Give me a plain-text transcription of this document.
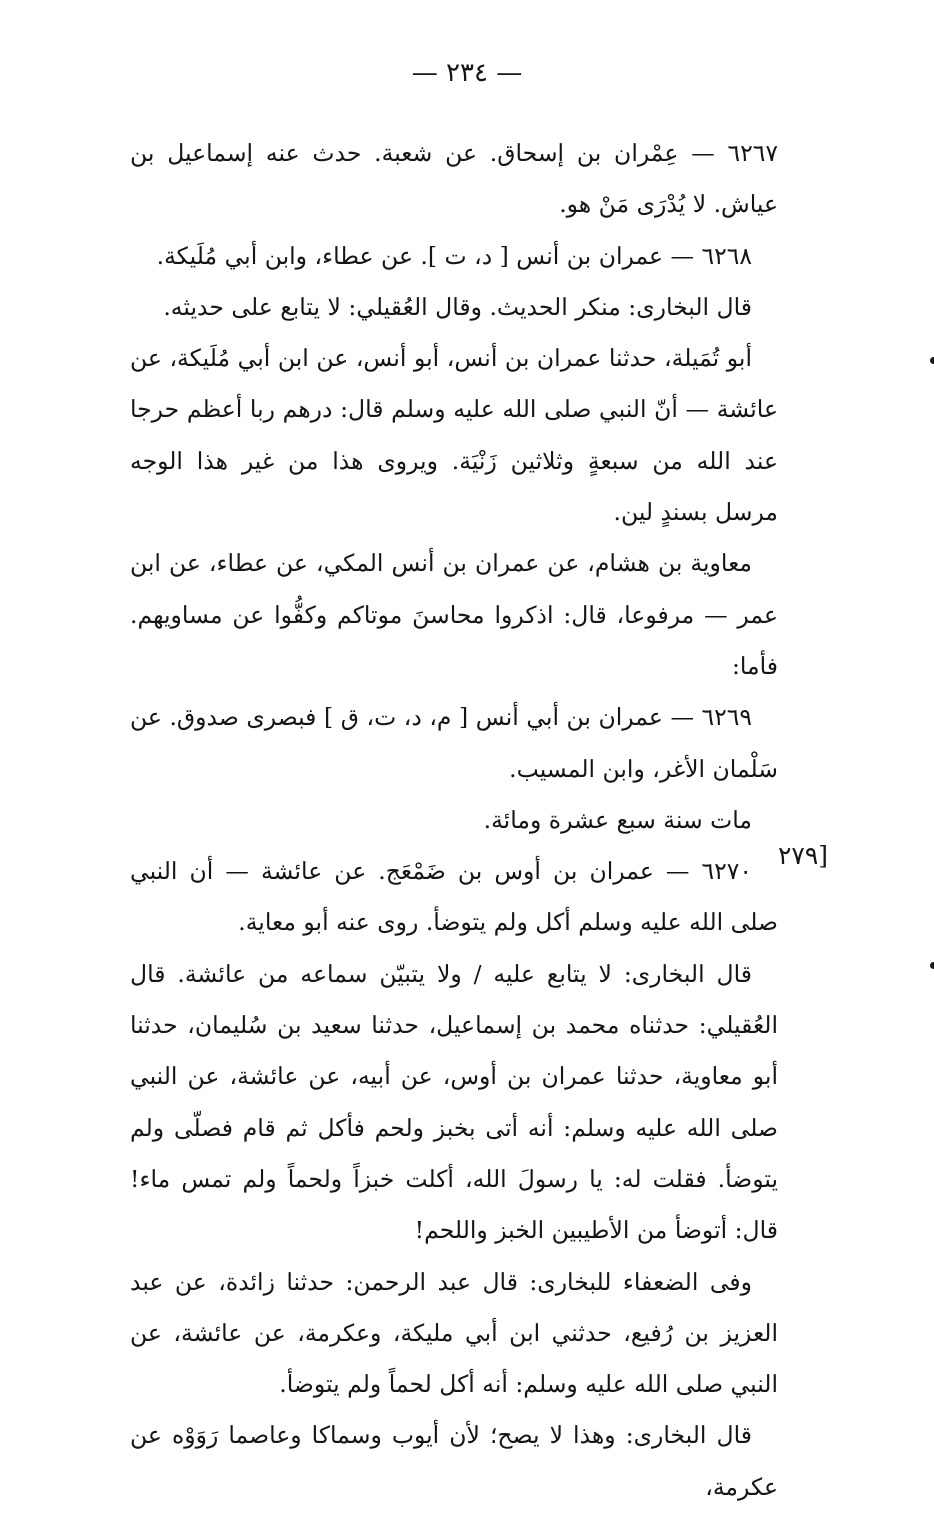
— ٢٣٤ —
[٢٧٩

٦٢٦٧ — عِمْران بن إسحاق. عن شعبة. حدث عنه إسماعيل بن عياش. لا يُدْرَى مَنْ هو.

٦٢٦٨ — عمران بن أنس [ د، ت ]. عن عطاء، وابن أبي مُلَيكة.

قال البخارى: منكر الحديث. وقال العُقيلي: لا يتابع على حديثه.

أبو تُمَيلة، حدثنا عمران بن أنس، أبو أنس، عن ابن أبي مُلَيكة، عن عائشة — أنّ النبي صلى الله عليه وسلم قال: درهم ربا أعظم حرجا عند الله من سبعةٍ وثلاثين زَنْيَة. ويروى هذا من غير هذا الوجه مرسل بسندٍ لين.

معاوية بن هشام، عن عمران بن أنس المكي، عن عطاء، عن ابن عمر — مرفوعا، قال: اذكروا محاسنَ موتاكم وكفُّوا عن مساويهم. فأما:

٦٢٦٩ — عمران بن أبي أنس [ م، د، ت، ق ] فبصرى صدوق. عن سَلْمان الأغر، وابن المسيب.

مات سنة سبع عشرة ومائة.

٦٢٧٠ — عمران بن أوس بن ضَمْعَج. عن عائشة — أن النبي صلى الله عليه وسلم أكل ولم يتوضأ. روى عنه أبو معاية.

قال البخارى: لا يتابع عليه / ولا يتبيّن سماعه من عائشة. قال العُقيلي: حدثناه محمد بن إسماعيل، حدثنا سعيد بن سُليمان، حدثنا أبو معاوية، حدثنا عمران بن أوس، عن أبيه، عن عائشة، عن النبي صلى الله عليه وسلم: أنه أتى بخبز ولحم فأكل ثم قام فصلّى ولم يتوضأ. فقلت له: يا رسولَ الله، أكلت خبزاً ولحماً ولم تمس ماء! قال: أتوضأ من الأطيبين الخبز واللحم!

وفى الضعفاء للبخارى: قال عبد الرحمن: حدثنا زائدة، عن عبد العزيز بن رُفيع، حدثني ابن أبي مليكة، وعكرمة، عن عائشة، عن النبي صلى الله عليه وسلم: أنه أكل لحماً ولم يتوضأ.

قال البخارى: وهذا لا يصح؛ لأن أيوب وسماكا وعاصما رَوَوْه عن عكرمة،
